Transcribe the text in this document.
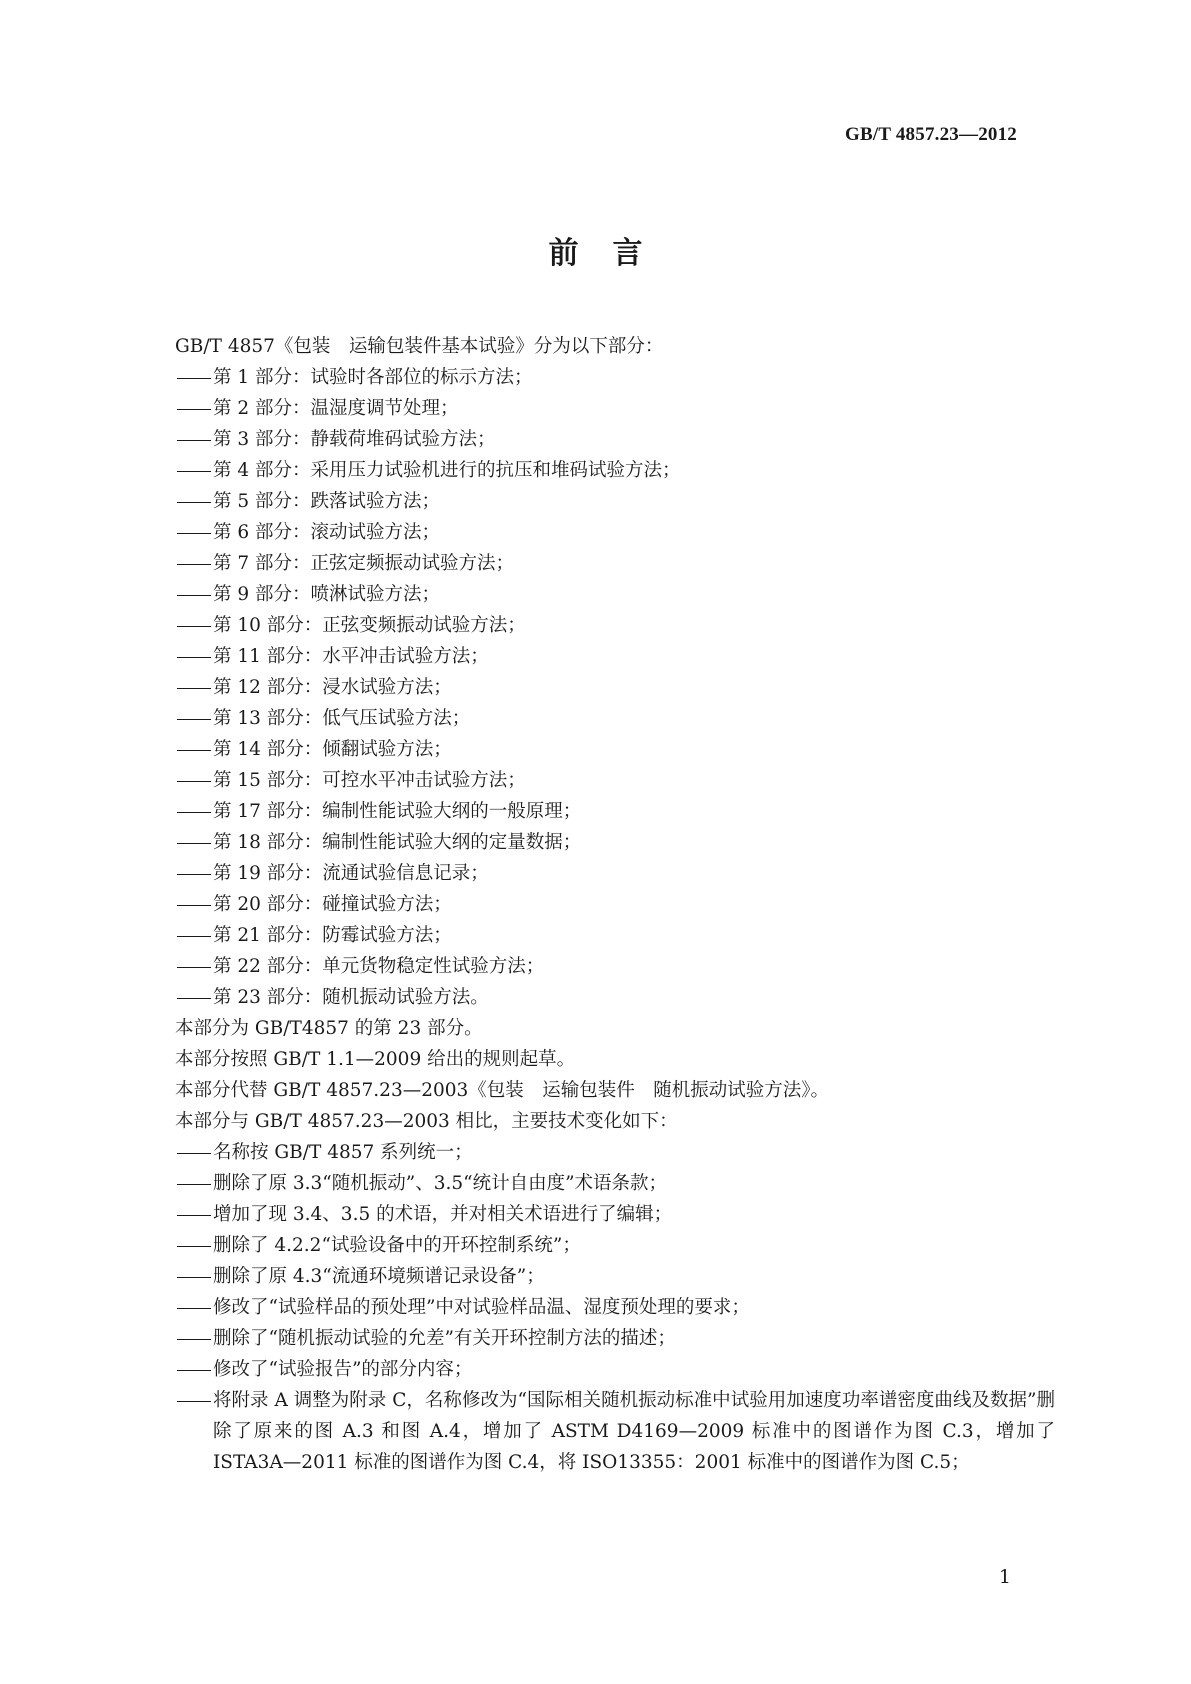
GB/T 4857.23—2012
前言
GB/T 4857《包装　运输包装件基本试验》分为以下部分：
第 1 部分：试验时各部位的标示方法；
第 2 部分：温湿度调节处理；
第 3 部分：静载荷堆码试验方法；
第 4 部分：采用压力试验机进行的抗压和堆码试验方法；
第 5 部分：跌落试验方法；
第 6 部分：滚动试验方法；
第 7 部分：正弦定频振动试验方法；
第 9 部分：喷淋试验方法；
第 10 部分：正弦变频振动试验方法；
第 11 部分：水平冲击试验方法；
第 12 部分：浸水试验方法；
第 13 部分：低气压试验方法；
第 14 部分：倾翻试验方法；
第 15 部分：可控水平冲击试验方法；
第 17 部分：编制性能试验大纲的一般原理；
第 18 部分：编制性能试验大纲的定量数据；
第 19 部分：流通试验信息记录；
第 20 部分：碰撞试验方法；
第 21 部分：防霉试验方法；
第 22 部分：单元货物稳定性试验方法；
第 23 部分：随机振动试验方法。
本部分为 GB/T4857 的第 23 部分。
本部分按照 GB/T 1.1—2009 给出的规则起草。
本部分代替 GB/T 4857.23—2003《包装　运输包装件　随机振动试验方法》。
本部分与 GB/T 4857.23—2003 相比，主要技术变化如下：
名称按 GB/T 4857 系列统一；
删除了原 3.3“随机振动”、3.5“统计自由度”术语条款；
增加了现 3.4、3.5 的术语，并对相关术语进行了编辑；
删除了 4.2.2“试验设备中的开环控制系统”；
删除了原 4.3“流通环境频谱记录设备”；
修改了“试验样品的预处理”中对试验样品温、湿度预处理的要求；
删除了“随机振动试验的允差”有关开环控制方法的描述；
修改了“试验报告”的部分内容；
将附录 A 调整为附录 C，名称修改为“国际相关随机振动标准中试验用加速度功率谱密度曲线及数据”删除了原来的图 A.3 和图 A.4，增加了 ASTM D4169—2009 标准中的图谱作为图 C.3，增加了 ISTA3A—2011 标准的图谱作为图 C.4，将 ISO13355：2001 标准中的图谱作为图 C.5；
1
